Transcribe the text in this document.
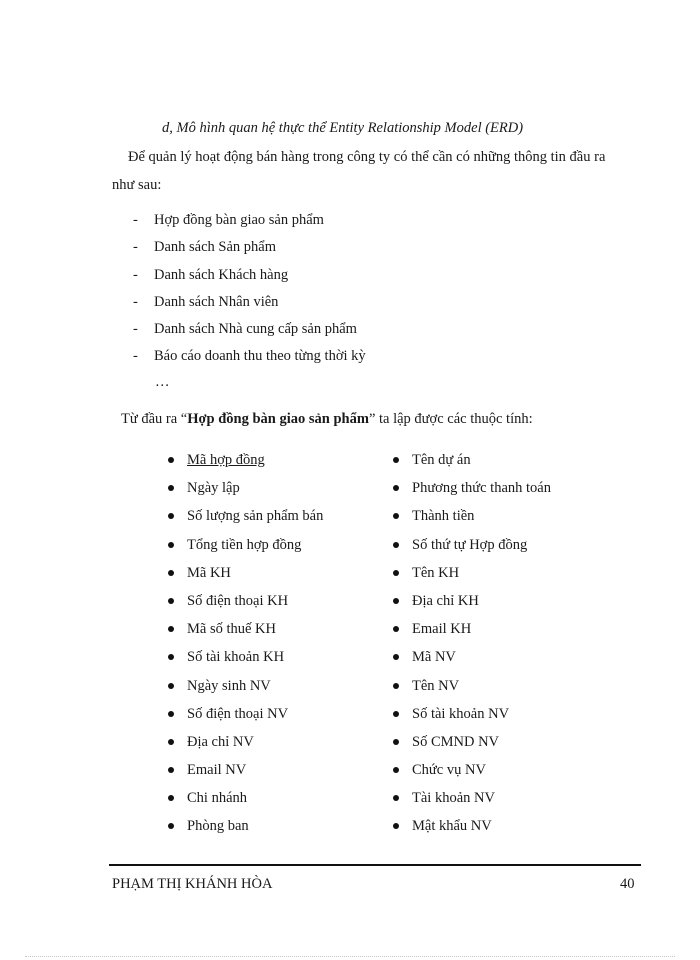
d, Mô hình quan hệ thực thể Entity Relationship Model (ERD)
Để quản lý hoạt động bán hàng trong công ty có thể cần có những thông tin đầu ra
như sau:
- Hợp đồng bàn giao sản phẩm
- Danh sách Sản phẩm
- Danh sách Khách hàng
- Danh sách Nhân viên
- Danh sách Nhà cung cấp sản phẩm
- Báo cáo doanh thu theo từng thời kỳ
…
Từ đầu ra “Hợp đồng bàn giao sản phẩm” ta lập được các thuộc tính:
Mã hợp đồng
Ngày lập
Số lượng sản phẩm bán
Tổng tiền hợp đồng
Mã KH
Số điện thoại KH
Mã số thuế KH
Số tài khoản KH
Ngày sinh NV
Số điện thoại NV
Địa chỉ NV
Email NV
Chi nhánh
Phòng ban
Tên dự án
Phương thức thanh toán
Thành tiền
Số thứ tự Hợp đồng
Tên KH
Địa chỉ KH
Email KH
Mã NV
Tên NV
Số tài khoản NV
Số CMND NV
Chức vụ NV
Tài khoản NV
Mật khẩu NV
PHẠM THỊ KHÁNH HÒA	40
